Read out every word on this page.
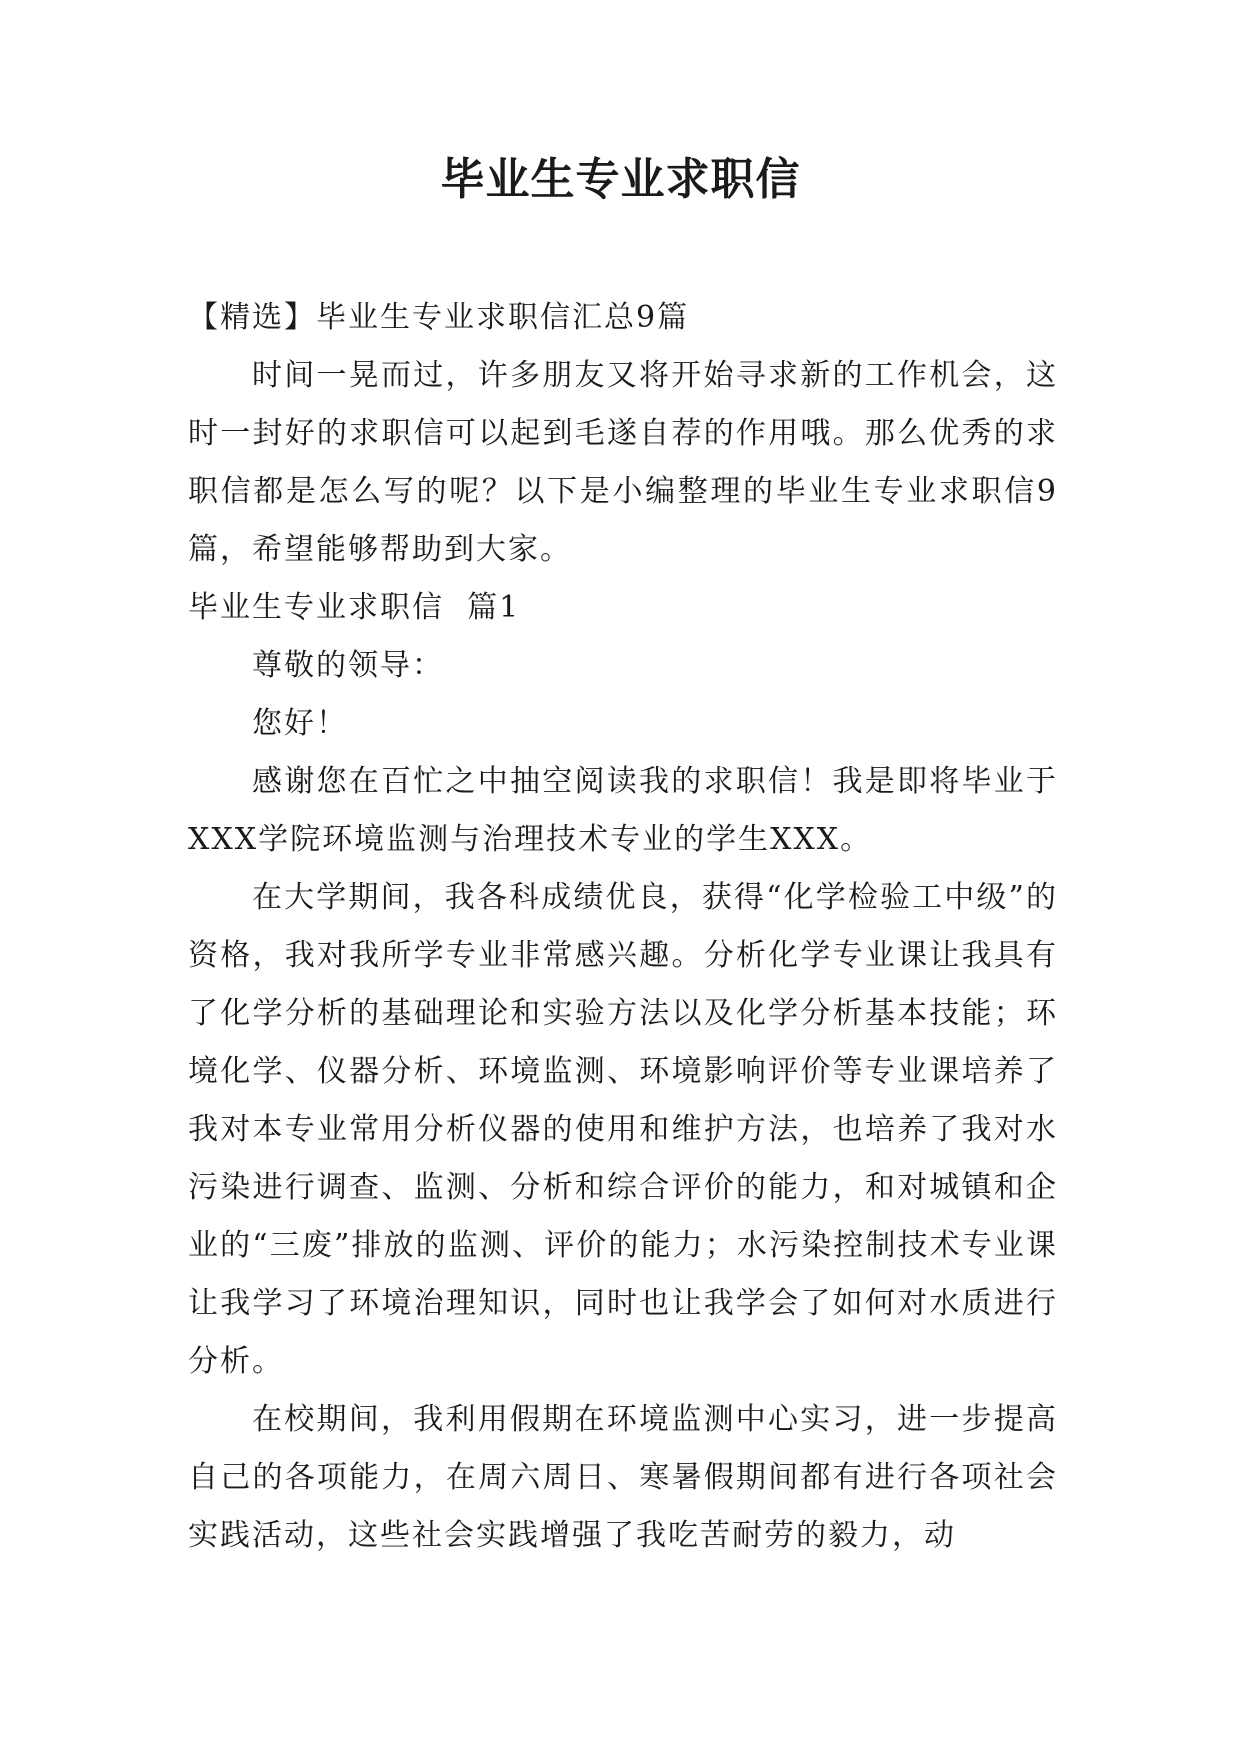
毕业生专业求职信

【精选】毕业生专业求职信汇总9篇

时间一晃而过，许多朋友又将开始寻求新的工作机会，这时一封好的求职信可以起到毛遂自荐的作用哦。那么优秀的求职信都是怎么写的呢？以下是小编整理的毕业生专业求职信9篇，希望能够帮助到大家。

毕业生专业求职信  篇1

尊敬的领导：

您好！

感谢您在百忙之中抽空阅读我的求职信！我是即将毕业于XXX学院环境监测与治理技术专业的学生XXX。

在大学期间，我各科成绩优良，获得“化学检验工中级”的资格，我对我所学专业非常感兴趣。分析化学专业课让我具有了化学分析的基础理论和实验方法以及化学分析基本技能；环境化学、仪器分析、环境监测、环境影响评价等专业课培养了我对本专业常用分析仪器的使用和维护方法，也培养了我对水污染进行调查、监测、分析和综合评价的能力，和对城镇和企业的“三废”排放的监测、评价的能力；水污染控制技术专业课让我学习了环境治理知识，同时也让我学会了如何对水质进行分析。

在校期间，我利用假期在环境监测中心实习，进一步提高自己的各项能力，在周六周日、寒暑假期间都有进行各项社会实践活动，这些社会实践增强了我吃苦耐劳的毅力，动
